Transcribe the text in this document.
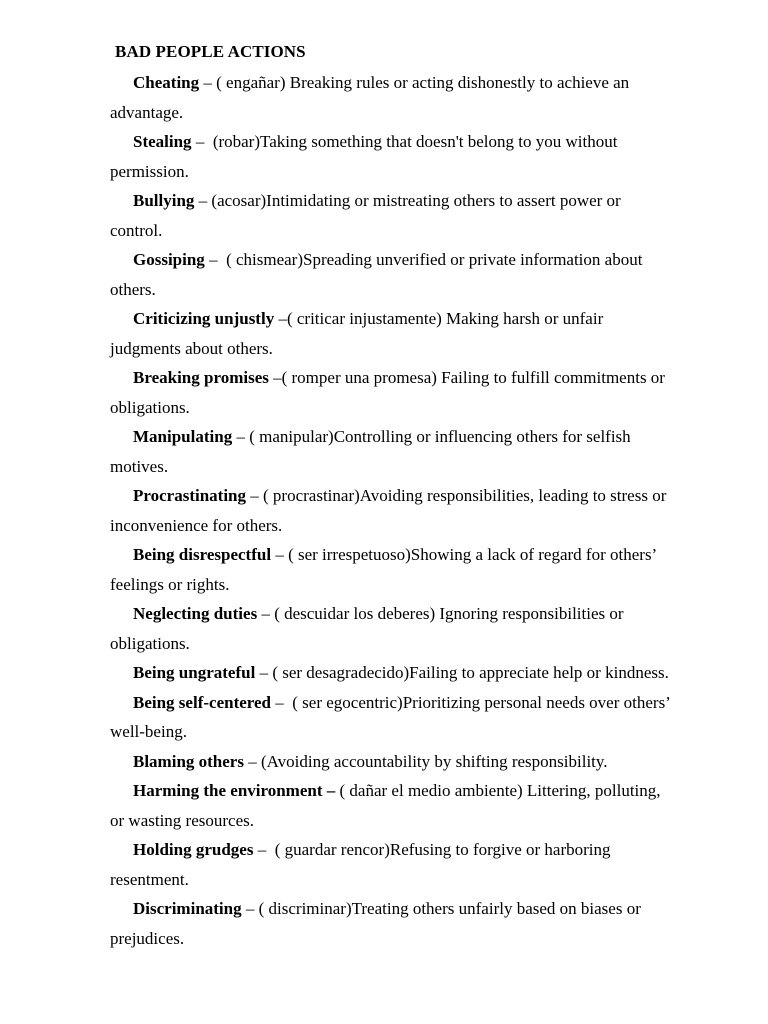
BAD PEOPLE ACTIONS

Cheating – ( engañar) Breaking rules or acting dishonestly to achieve an advantage.

Stealing –  (robar)Taking something that doesn't belong to you without permission.

Bullying – (acosar)Intimidating or mistreating others to assert power or control.

Gossiping –  ( chismear)Spreading unverified or private information about others.

Criticizing unjustly –( criticar injustamente) Making harsh or unfair judgments about others.

Breaking promises –( romper una promesa) Failing to fulfill commitments or obligations.

Manipulating – ( manipular)Controlling or influencing others for selfish motives.

Procrastinating – ( procrastinar)Avoiding responsibilities, leading to stress or inconvenience for others.

Being disrespectful – ( ser irrespetuoso)Showing a lack of regard for others’ feelings or rights.

Neglecting duties – ( descuidar los deberes) Ignoring responsibilities or obligations.

Being ungrateful – ( ser desagradecido)Failing to appreciate help or kindness.

Being self-centered –  ( ser egocentric)Prioritizing personal needs over others’ well-being.

Blaming others – (Avoiding accountability by shifting responsibility.

Harming the environment – ( dañar el medio ambiente) Littering, polluting, or wasting resources.

Holding grudges –  ( guardar rencor)Refusing to forgive or harboring resentment.

Discriminating – ( discriminar)Treating others unfairly based on biases or prejudices.
